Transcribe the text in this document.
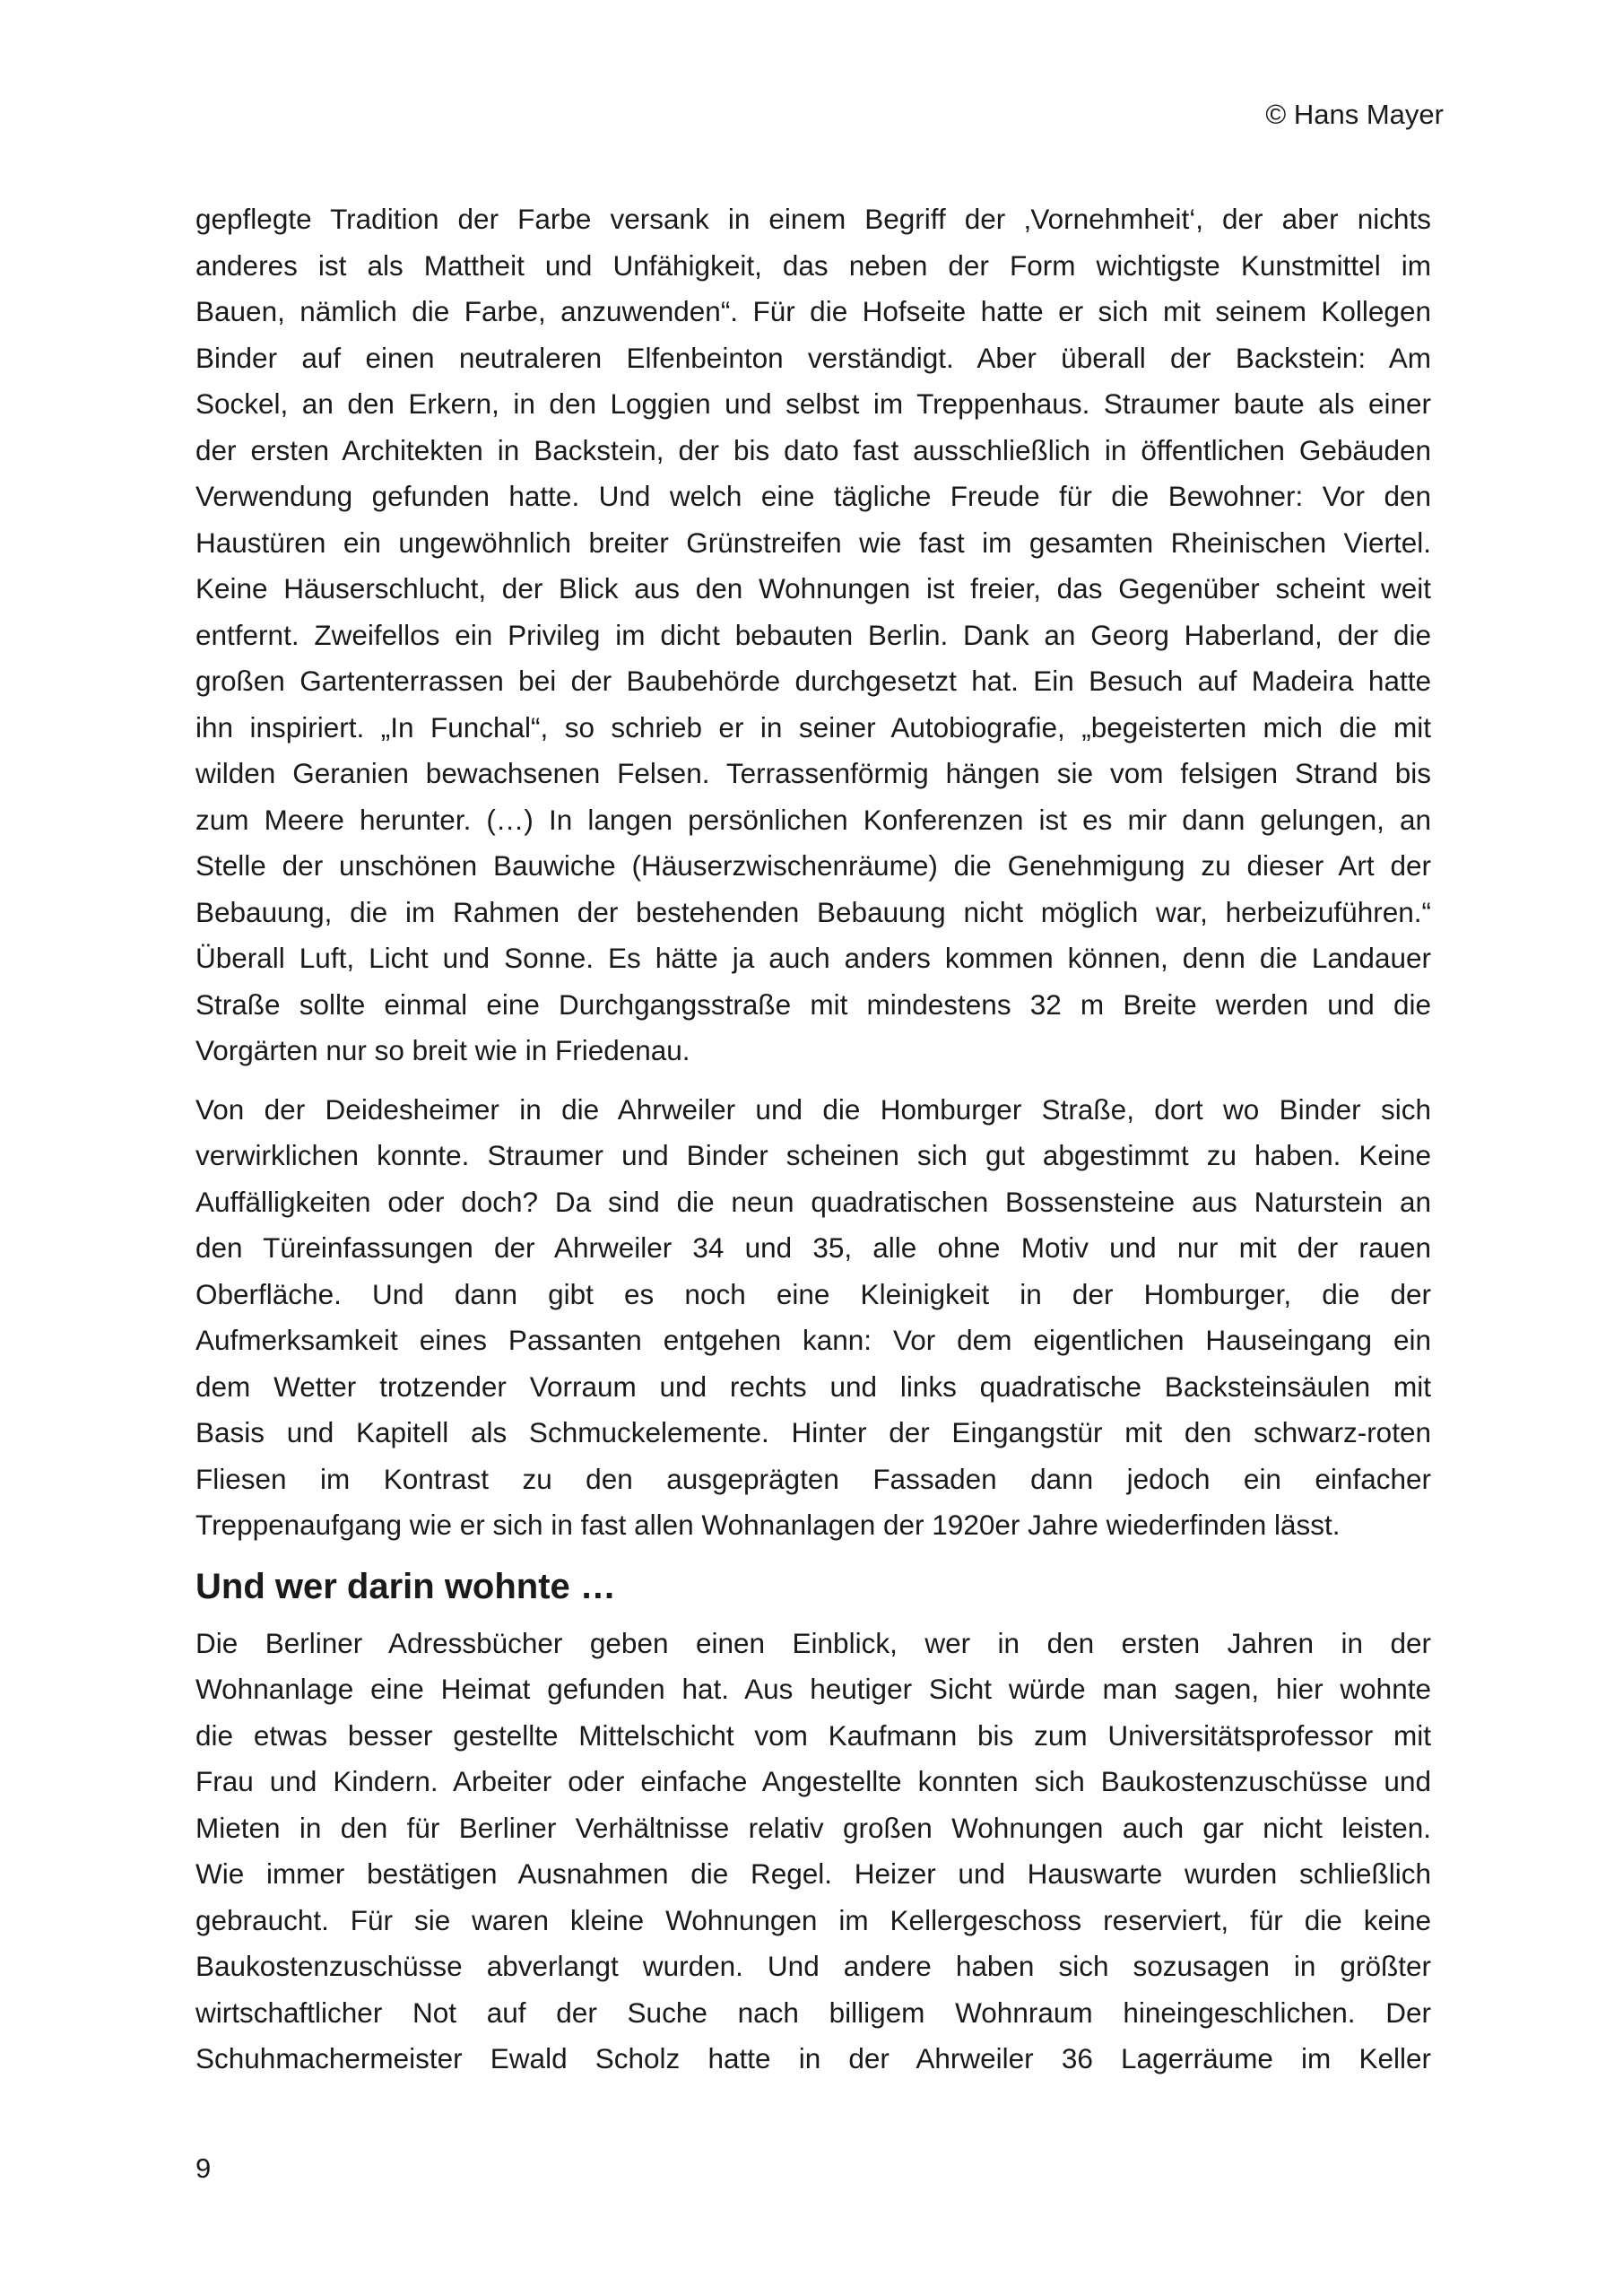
© Hans Mayer
gepflegte Tradition der Farbe versank in einem Begriff der ‚Vornehmheit‘, der aber nichts
anderes ist als Mattheit und Unfähigkeit, das neben der Form wichtigste Kunstmittel im
Bauen, nämlich die Farbe, anzuwenden“. Für die Hofseite hatte er sich mit seinem Kollegen
Binder auf einen neutraleren Elfenbeinton verständigt. Aber überall der Backstein: Am
Sockel, an den Erkern, in den Loggien und selbst im Treppenhaus. Straumer baute als einer
der ersten Architekten in Backstein, der bis dato fast ausschließlich in öffentlichen Gebäuden
Verwendung gefunden hatte. Und welch eine tägliche Freude für die Bewohner: Vor den
Haustüren ein ungewöhnlich breiter Grünstreifen wie fast im gesamten Rheinischen Viertel.
Keine Häuserschlucht, der Blick aus den Wohnungen ist freier, das Gegenüber scheint weit
entfernt. Zweifellos ein Privileg im dicht bebauten Berlin. Dank an Georg Haberland, der die
großen Gartenterrassen bei der Baubehörde durchgesetzt hat. Ein Besuch auf Madeira hatte
ihn inspiriert. „In Funchal“, so schrieb er in seiner Autobiografie, „begeisterten mich die mit
wilden Geranien bewachsenen Felsen. Terrassenförmig hängen sie vom felsigen Strand bis
zum Meere herunter. (…) In langen persönlichen Konferenzen ist es mir dann gelungen, an
Stelle der unschönen Bauwiche (Häuserzwischenräume) die Genehmigung zu dieser Art der
Bebauung, die im Rahmen der bestehenden Bebauung nicht möglich war, herbeizuführen.“
Überall Luft, Licht und Sonne. Es hätte ja auch anders kommen können, denn die Landauer
Straße sollte einmal eine Durchgangsstraße mit mindestens 32 m Breite werden und die
Vorgärten nur so breit wie in Friedenau.
Von der Deidesheimer in die Ahrweiler und die Homburger Straße, dort wo Binder sich
verwirklichen konnte. Straumer und Binder scheinen sich gut abgestimmt zu haben. Keine
Auffälligkeiten oder doch? Da sind die neun quadratischen Bossensteine aus Naturstein an
den Türeinfassungen der Ahrweiler 34 und 35, alle ohne Motiv und nur mit der rauen
Oberfläche. Und dann gibt es noch eine Kleinigkeit in der Homburger, die der
Aufmerksamkeit eines Passanten entgehen kann: Vor dem eigentlichen Hauseingang ein
dem Wetter trotzender Vorraum und rechts und links quadratische Backsteinsäulen mit
Basis und Kapitell als Schmuckelemente. Hinter der Eingangstür mit den schwarz-roten
Fliesen im Kontrast zu den ausgeprägten Fassaden dann jedoch ein einfacher
Treppenaufgang wie er sich in fast allen Wohnanlagen der 1920er Jahre wiederfinden lässt.
Und wer darin wohnte …
Die Berliner Adressbücher geben einen Einblick, wer in den ersten Jahren in der
Wohnanlage eine Heimat gefunden hat. Aus heutiger Sicht würde man sagen, hier wohnte
die etwas besser gestellte Mittelschicht vom Kaufmann bis zum Universitätsprofessor mit
Frau und Kindern. Arbeiter oder einfache Angestellte konnten sich Baukostenzuschüsse und
Mieten in den für Berliner Verhältnisse relativ großen Wohnungen auch gar nicht leisten.
Wie immer bestätigen Ausnahmen die Regel. Heizer und Hauswarte wurden schließlich
gebraucht. Für sie waren kleine Wohnungen im Kellergeschoss reserviert, für die keine
Baukostenzuschüsse abverlangt wurden. Und andere haben sich sozusagen in größter
wirtschaftlicher Not auf der Suche nach billigem Wohnraum hineingeschlichen. Der
Schuhmachermeister Ewald Scholz hatte in der Ahrweiler 36 Lagerräume im Keller
9
